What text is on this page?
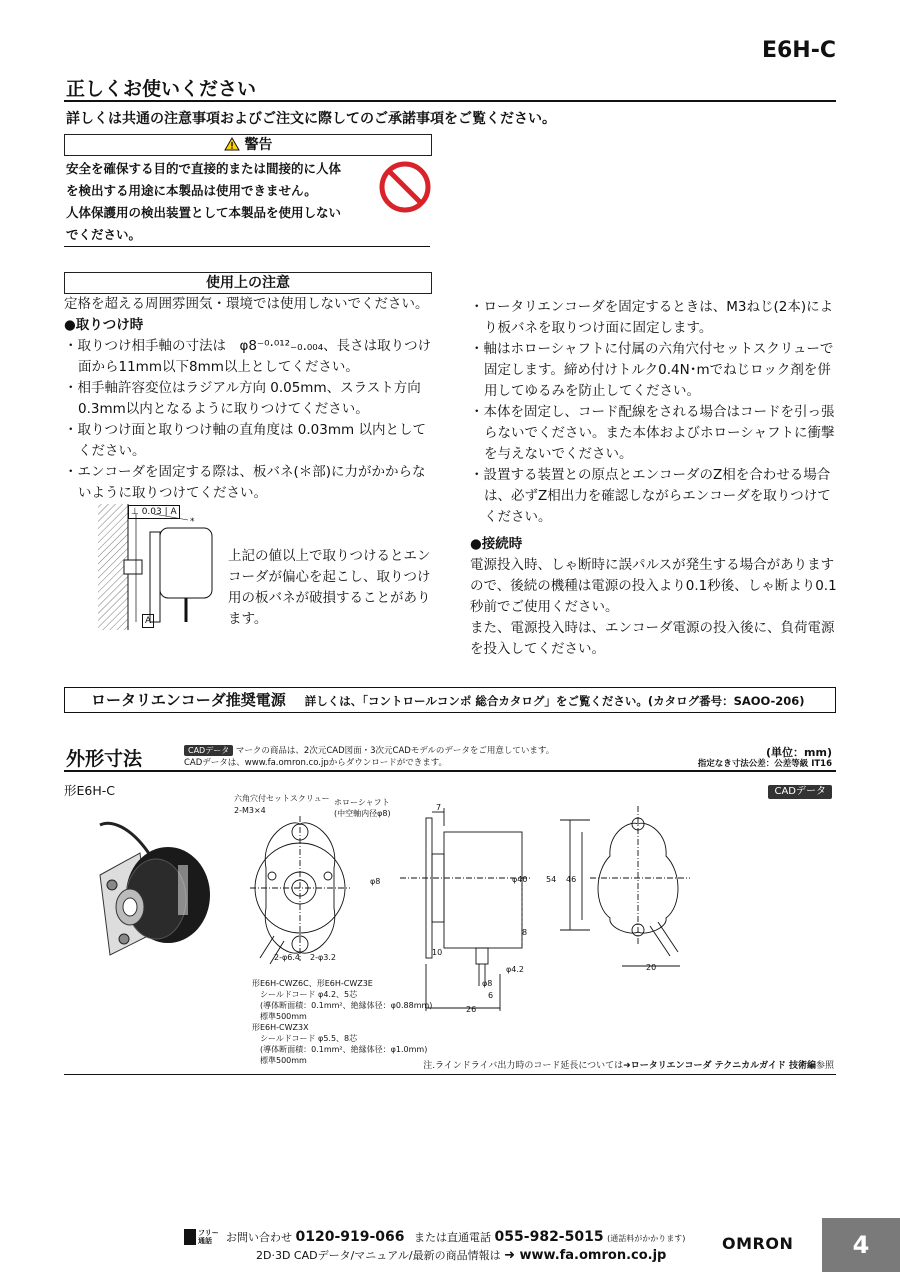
E6H-C
正しくお使いください
詳しくは共通の注意事項およびご注文に際してのご承諾事項をご覧ください。
警告
安全を確保する目的で直接的または間接的に人体
を検出する用途に本製品は使用できません。
人体保護用の検出装置として本製品を使用しない
でください。
使用上の注意
定格を超える周囲雰囲気・環境では使用しないでください。
●取りつけ時
・取りつけ相手軸の寸法は　φ8⁻⁰·⁰¹²₋₀.₀₀₄、長さは取りつけ面から11mm以下8mm以上としてください。
・相手軸許容変位はラジアル方向 0.05mm、スラスト方向0.3mm以内となるように取りつけてください。
・取りつけ面と取りつけ軸の直角度は 0.03mm 以内としてください。
・エンコーダを固定する際は、板バネ(＊部)に力がかからないように取りつけてください。
⊥ 0.03 | A
*
A
上記の値以上で取りつけるとエンコーダが偏心を起こし、取りつけ用の板バネが破損することがあります。
・ロータリエンコーダを固定するときは、M3ねじ(2本)により板バネを取りつけ面に固定します。
・軸はホローシャフトに付属の六角穴付セットスクリューで固定します。締め付けトルク0.4N･mでねじロック剤を併用してゆるみを防止してください。
・本体を固定し、コード配線をされる場合はコードを引っ張らないでください。また本体およびホローシャフトに衝撃を与えないでください。
・設置する装置との原点とエンコーダのZ相を合わせる場合は、必ずZ相出力を確認しながらエンコーダを取りつけてください。
●接続時
電源投入時、しゃ断時に誤パルスが発生する場合がありますので、後続の機種は電源の投入より0.1秒後、しゃ断より0.1秒前でご使用ください。
また、電源投入時は、エンコーダ電源の投入後に、負荷電源を投入してください。
ロータリエンコーダ推奨電源 詳しくは、「コントロールコンポ 総合カタログ」をご覧ください。(カタログ番号：SAOO-206)
外形寸法	CADデータ マークの商品は、2次元CAD図面・3次元CADモデルのデータをご用意しています。
CADデータは、www.fa.omron.co.jpからダウンロードができます。
(単位：mm)
指定なき寸法公差：公差等級 IT16
形E6H-C	CADデータ
六角穴付セットスクリュー
2-M3×4
ホローシャフト
(中空軸内径φ8)
7
φ8	φ40 54 46
8
2-φ6.4 2-φ3.2
10
φ4.2	20
φ8
6
26
形E6H-CWZ6C、形E6H-CWZ3E
シールドコード φ4.2、5芯
(導体断面積：0.1mm²、絶縁体径：φ0.88mm)
標準500mm
形E6H-CWZ3X
シールドコード φ5.5、8芯
(導体断面積：0.1mm²、絶縁体径：φ1.0mm)
標準500mm
注.ラインドライバ出力時のコード延長については➜ロータリエンコーダ テクニカルガイド 技術編参照
フリー通話	お問い合わせ 0120-919-066 または直通電話 055-982-5015 (通話料がかかります)
2D·3D CADデータ/マニュアル/最新の商品情報は ➜ www.fa.omron.co.jp
OMRON	4
